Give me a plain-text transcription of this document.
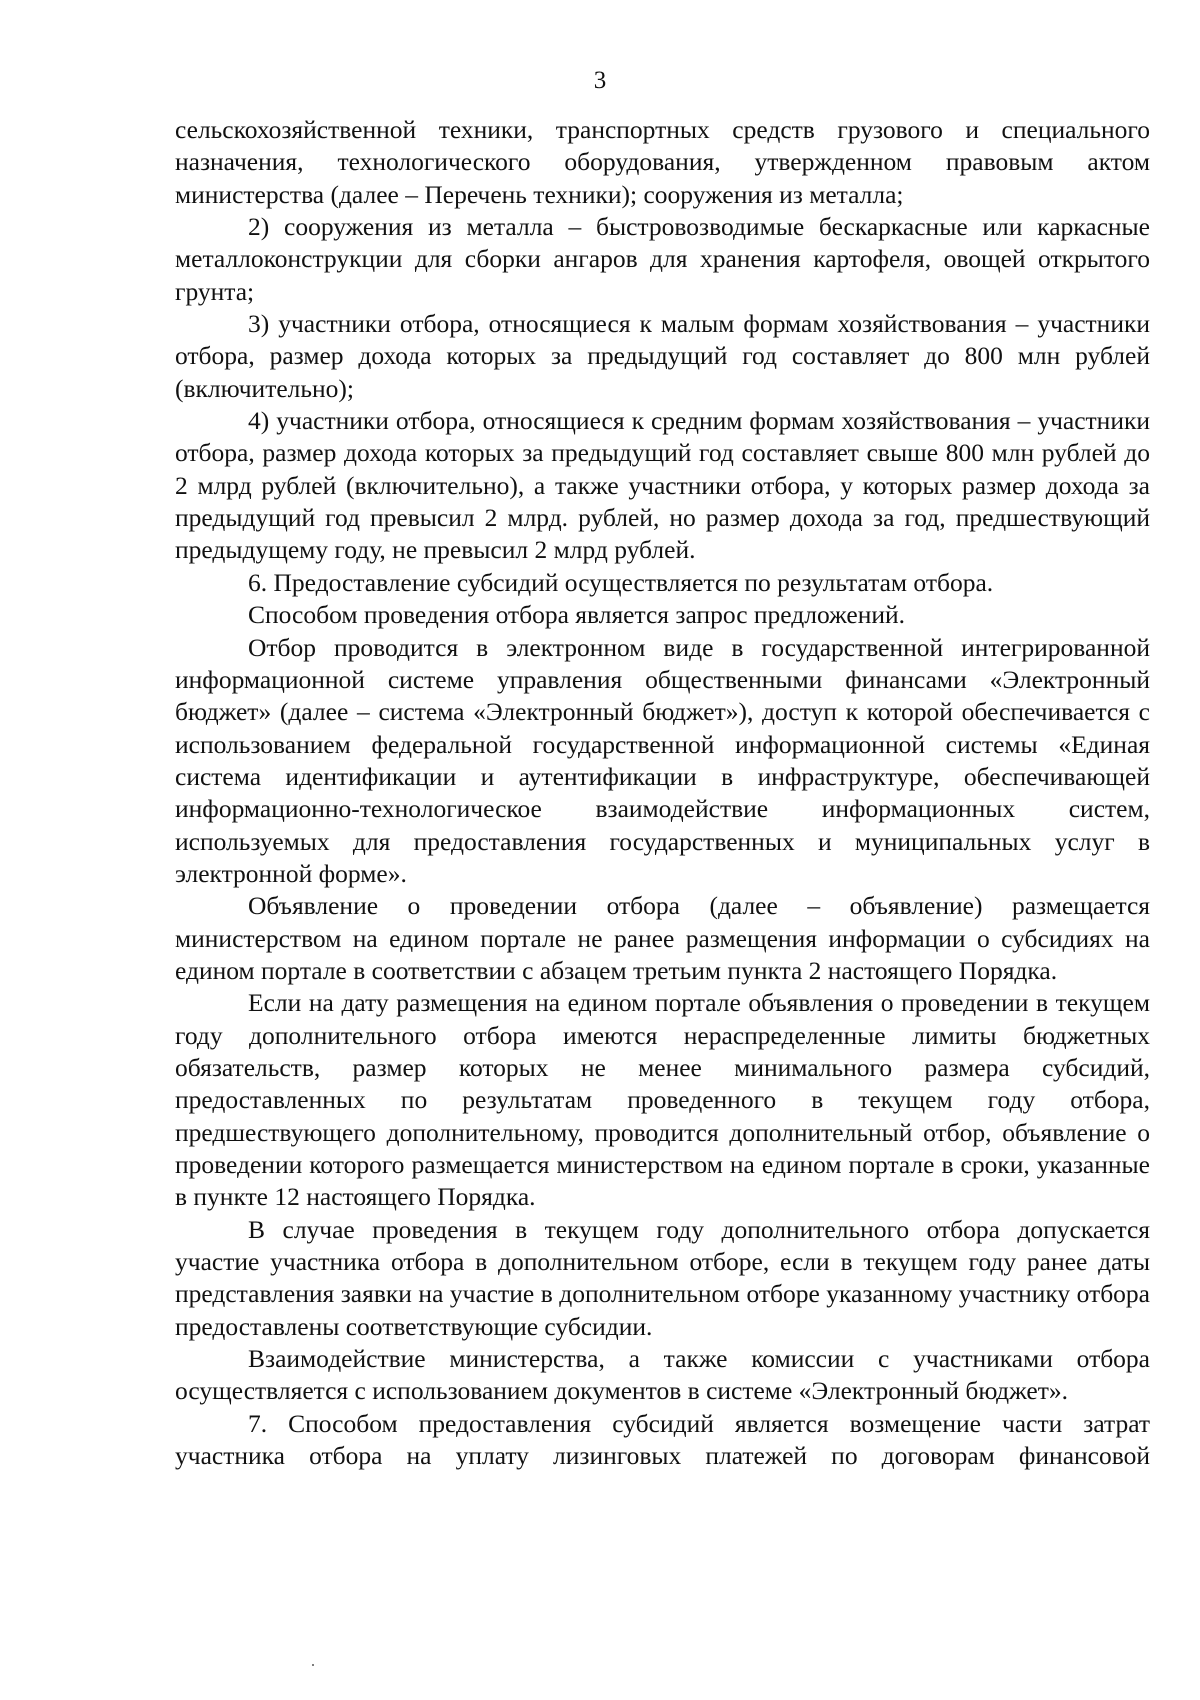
3

сельскохозяйственной техники, транспортных средств грузового и специального назначения, технологического оборудования, утвержденном правовым актом министерства (далее – Перечень техники); сооружения из металла;

2) сооружения из металла – быстровозводимые бескаркасные или каркасные металлоконструкции для сборки ангаров для хранения картофеля, овощей открытого грунта;

3) участники отбора, относящиеся к малым формам хозяйствования – участники отбора, размер дохода которых за предыдущий год составляет до 800 млн рублей (включительно);

4) участники отбора, относящиеся к средним формам хозяйствования – участники отбора, размер дохода которых за предыдущий год составляет свыше 800 млн рублей до 2 млрд рублей (включительно), а также участники отбора, у которых размер дохода за предыдущий год превысил 2 млрд. рублей, но размер дохода за год, предшествующий предыдущему году, не превысил 2 млрд рублей.

6. Предоставление субсидий осуществляется по результатам отбора.

Способом проведения отбора является запрос предложений.

Отбор проводится в электронном виде в государственной интегрированной информационной системе управления общественными финансами «Электронный бюджет» (далее – система «Электронный бюджет»), доступ к которой обеспечивается с использованием федеральной государственной информационной системы «Единая система идентификации и аутентификации в инфраструктуре, обеспечивающей информационно-технологическое взаимодействие информационных систем, используемых для предоставления государственных и муниципальных услуг в электронной форме».

Объявление о проведении отбора (далее – объявление) размещается министерством на едином портале не ранее размещения информации о субсидиях на едином портале в соответствии с абзацем третьим пункта 2 настоящего Порядка.

Если на дату размещения на едином портале объявления о проведении в текущем году дополнительного отбора имеются нераспределенные лимиты бюджетных обязательств, размер которых не менее минимального размера субсидий, предоставленных по результатам проведенного в текущем году отбора, предшествующего дополнительному, проводится дополнительный отбор, объявление о проведении которого размещается министерством на едином портале в сроки, указанные в пункте 12 настоящего Порядка.

В случае проведения в текущем году дополнительного отбора допускается участие участника отбора в дополнительном отборе, если в текущем году ранее даты представления заявки на участие в дополнительном отборе указанному участнику отбора предоставлены соответствующие субсидии.

Взаимодействие министерства, а также комиссии с участниками отбора осуществляется с использованием документов в системе «Электронный бюджет».

7. Способом предоставления субсидий является возмещение части затрат участника отбора на уплату лизинговых платежей по договорам финансовой
